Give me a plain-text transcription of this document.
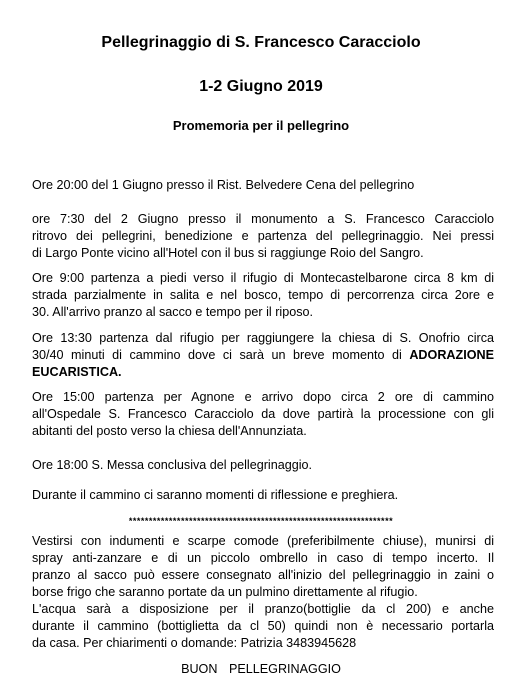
Pellegrinaggio di S. Francesco Caracciolo
1-2 Giugno 2019
Promemoria per il pellegrino

Ore 20:00 del 1 Giugno presso il Rist. Belvedere Cena del pellegrino

ore 7:30 del 2 Giugno presso il monumento a S. Francesco Caracciolo
ritrovo dei pellegrini, benedizione e partenza del pellegrinaggio. Nei pressi
di Largo Ponte vicino all'Hotel con il bus si raggiunge Roio del Sangro.

Ore 9:00 partenza a piedi verso il rifugio di Montecastelbarone circa 8 km di
strada parzialmente in salita e nel bosco, tempo di percorrenza circa 2ore e
30. All'arrivo pranzo al sacco e tempo per il riposo.

Ore 13:30 partenza dal rifugio per raggiungere la chiesa di S. Onofrio circa
30/40 minuti di cammino dove ci sarà un breve momento di ADORAZIONE
EUCARISTICA.

Ore 15:00 partenza per Agnone e arrivo dopo circa 2 ore di cammino
all'Ospedale S. Francesco Caracciolo da dove partirà la processione con gli
abitanti del posto verso la chiesa dell'Annunziata.

Ore 18:00 S. Messa conclusiva del pellegrinaggio.

Durante il cammino ci saranno momenti di riflessione e preghiera.

******************************************************************

Vestirsi con indumenti e scarpe comode (preferibilmente chiuse), munirsi di
spray anti-zanzare e di un piccolo ombrello in caso di tempo incerto. Il
pranzo al sacco può essere consegnato all'inizio del pellegrinaggio in zaini o
borse frigo che saranno portate da un pulmino direttamente al rifugio.
L'acqua sarà a disposizione per il pranzo(bottiglie da cl 200) e anche
durante il cammino (bottiglietta da cl 50) quindi non è necessario portarla
da casa. Per chiarimenti o domande: Patrizia 3483945628

BUON PELLEGRINAGGIO
